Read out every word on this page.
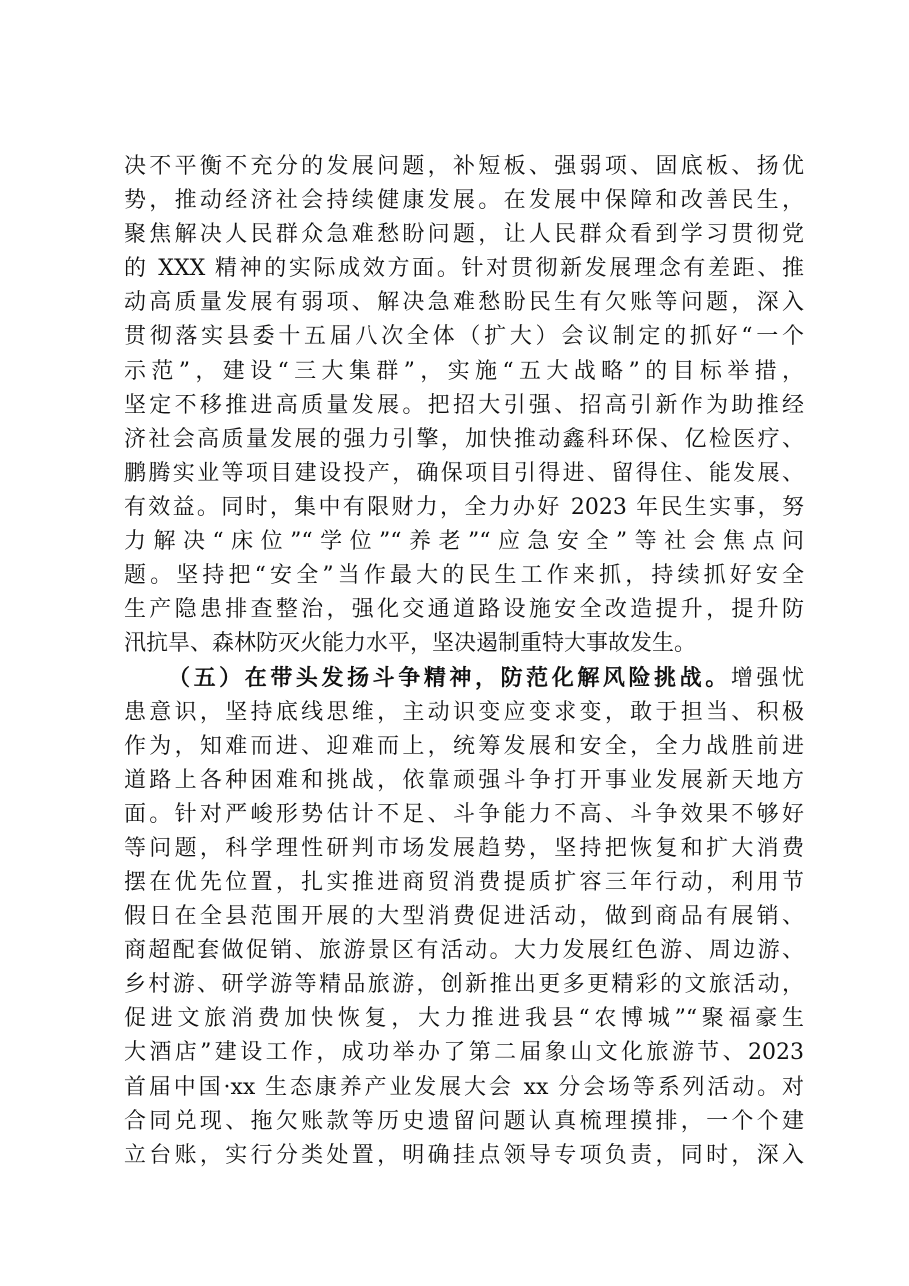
决不平衡不充分的发展问题，补短板、强弱项、固底板、扬优
势，推动经济社会持续健康发展。在发展中保障和改善民生，
聚焦解决人民群众急难愁盼问题，让人民群众看到学习贯彻党
的 XXX 精神的实际成效方面。针对贯彻新发展理念有差距、推
动高质量发展有弱项、解决急难愁盼民生有欠账等问题，深入
贯彻落实县委十五届八次全体（扩大）会议制定的抓好“一个
示范”，建设“三大集群”，实施“五大战略”的目标举措，
坚定不移推进高质量发展。把招大引强、招高引新作为助推经
济社会高质量发展的强力引擎，加快推动鑫科环保、亿检医疗、
鹏腾实业等项目建设投产，确保项目引得进、留得住、能发展、
有效益。同时，集中有限财力，全力办好 2023 年民生实事，努
力解决“床位”“学位”“养老”“应急安全”等社会焦点问
题。坚持把“安全”当作最大的民生工作来抓，持续抓好安全
生产隐患排查整治，强化交通道路设施安全改造提升，提升防
汛抗旱、森林防灭火能力水平，坚决遏制重特大事故发生。
（五）在带头发扬斗争精神，防范化解风险挑战。增强忧
患意识，坚持底线思维，主动识变应变求变，敢于担当、积极
作为，知难而进、迎难而上，统筹发展和安全，全力战胜前进
道路上各种困难和挑战，依靠顽强斗争打开事业发展新天地方
面。针对严峻形势估计不足、斗争能力不高、斗争效果不够好
等问题，科学理性研判市场发展趋势，坚持把恢复和扩大消费
摆在优先位置，扎实推进商贸消费提质扩容三年行动，利用节
假日在全县范围开展的大型消费促进活动，做到商品有展销、
商超配套做促销、旅游景区有活动。大力发展红色游、周边游、
乡村游、研学游等精品旅游，创新推出更多更精彩的文旅活动，
促进文旅消费加快恢复，大力推进我县“农博城”“聚福豪生
大酒店”建设工作，成功举办了第二届象山文化旅游节、2023
首届中国·xx 生态康养产业发展大会 xx 分会场等系列活动。对
合同兑现、拖欠账款等历史遗留问题认真梳理摸排，一个个建
立台账，实行分类处置，明确挂点领导专项负责，同时，深入
